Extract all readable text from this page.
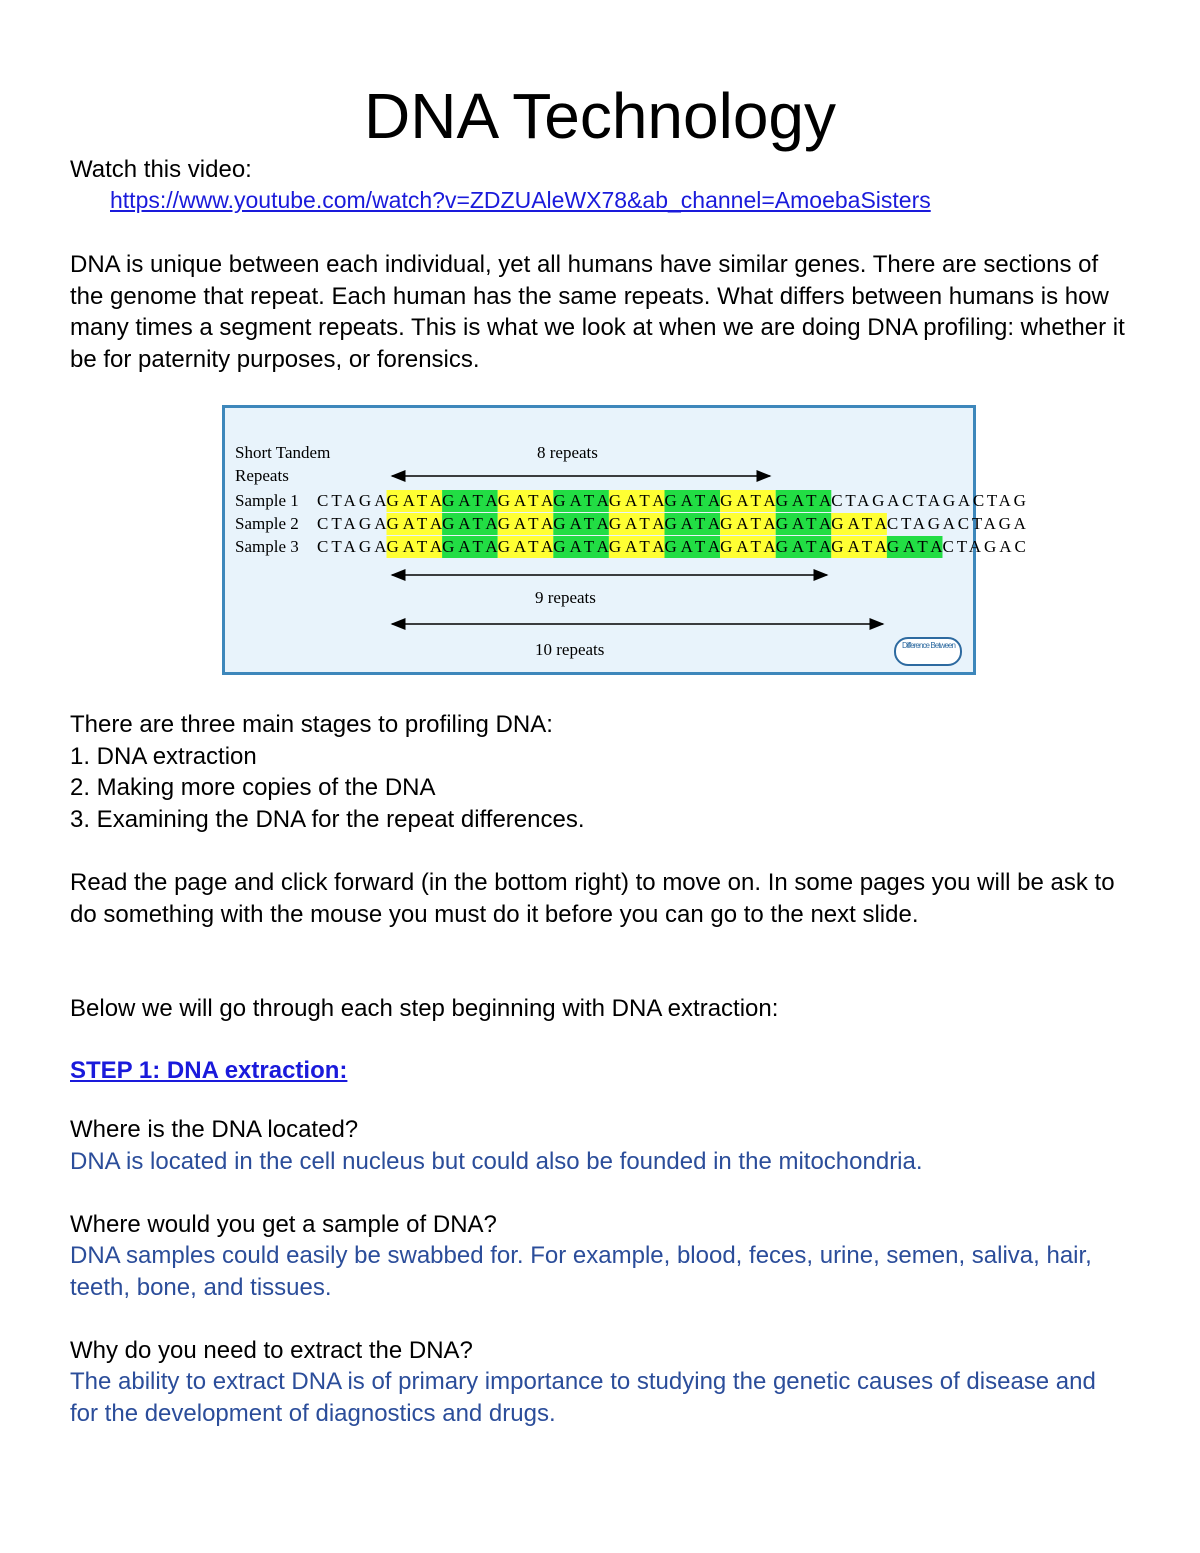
DNA Technology
Watch this video:
https://www.youtube.com/watch?v=ZDZUAleWX78&ab_channel=AmoebaSisters
DNA is unique between each individual, yet all humans have similar genes. There are sections of the genome that repeat. Each human has the same repeats. What differs between humans is how many times a segment repeats. This is what we look at when we are doing DNA profiling: whether it be for paternity purposes, or forensics.
Short Tandem
Repeats
8 repeats
Sample 1 CTAGA GATA GATA GATA GATA GATA GATA GATA GATA CTAGACTAGACTAG
Sample 2 CTAGA GATA GATA GATA GATA GATA GATA GATA GATA GATA CTAGACTAGA
Sample 3 CTAGA GATA GATA GATA GATA GATA GATA GATA GATA GATA GATA CTAGAC
9 repeats
10 repeats	Difference Between
There are three main stages to profiling DNA:
1. DNA extraction
2. Making more copies of the DNA
3. Examining the DNA for the repeat differences.
Read the page and click forward (in the bottom right) to move on. In some pages you will be ask to do something with the mouse you must do it before you can go to the next slide.
Below we will go through each step beginning with DNA extraction:
STEP 1: DNA extraction:
Where is the DNA located?
DNA is located in the cell nucleus but could also be founded in the mitochondria.
Where would you get a sample of DNA?
DNA samples could easily be swabbed for. For example, blood, feces, urine, semen, saliva, hair, teeth, bone, and tissues.
Why do you need to extract the DNA?
The ability to extract DNA is of primary importance to studying the genetic causes of disease and for the development of diagnostics and drugs.
